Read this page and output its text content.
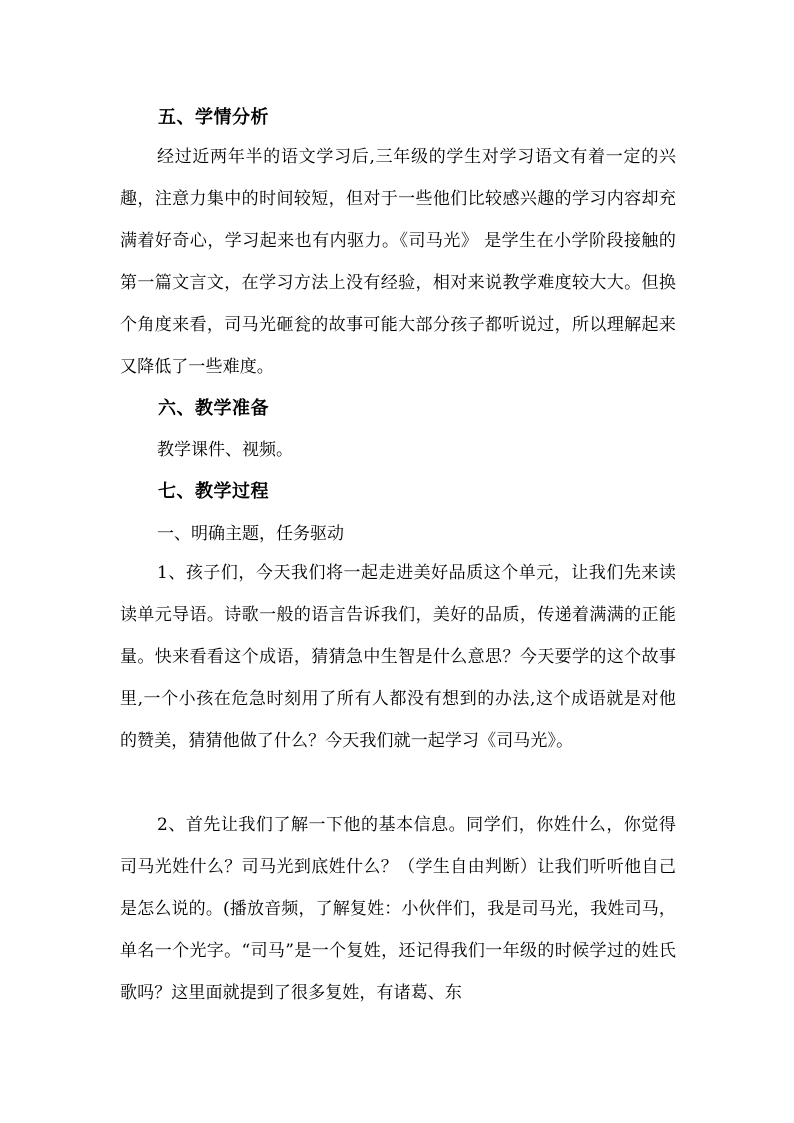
五、学情分析

经过近两年半的语文学习后,三年级的学生对学习语文有着一定的兴趣，注意力集中的时间较短，但对于一些他们比较感兴趣的学习内容却充满着好奇心，学习起来也有内驱力。《司马光》 是学生在小学阶段接触的第一篇文言文，在学习方法上没有经验，相对来说教学难度较大大。但换个角度来看，司马光砸瓮的故事可能大部分孩子都听说过，所以理解起来又降低了一些难度。

六、教学准备
教学课件、视频。
七、教学过程
一、明确主题，任务驱动

1、孩子们，今天我们将一起走进美好品质这个单元，让我们先来读读单元导语。诗歌一般的语言告诉我们，美好的品质，传递着满满的正能量。快来看看这个成语，猜猜急中生智是什么意思？今天要学的这个故事里,一个小孩在危急时刻用了所有人都没有想到的办法,这个成语就是对他的赞美，猜猜他做了什么？今天我们就一起学习《司马光》。

2、首先让我们了解一下他的基本信息。同学们，你姓什么，你觉得司马光姓什么？司马光到底姓什么？（学生自由判断）让我们听听他自己是怎么说的。(播放音频，了解复姓：小伙伴们，我是司马光，我姓司马，单名一个光字。“司马”是一个复姓，还记得我们一年级的时候学过的姓氏歌吗？这里面就提到了很多复姓，有诸葛、东
